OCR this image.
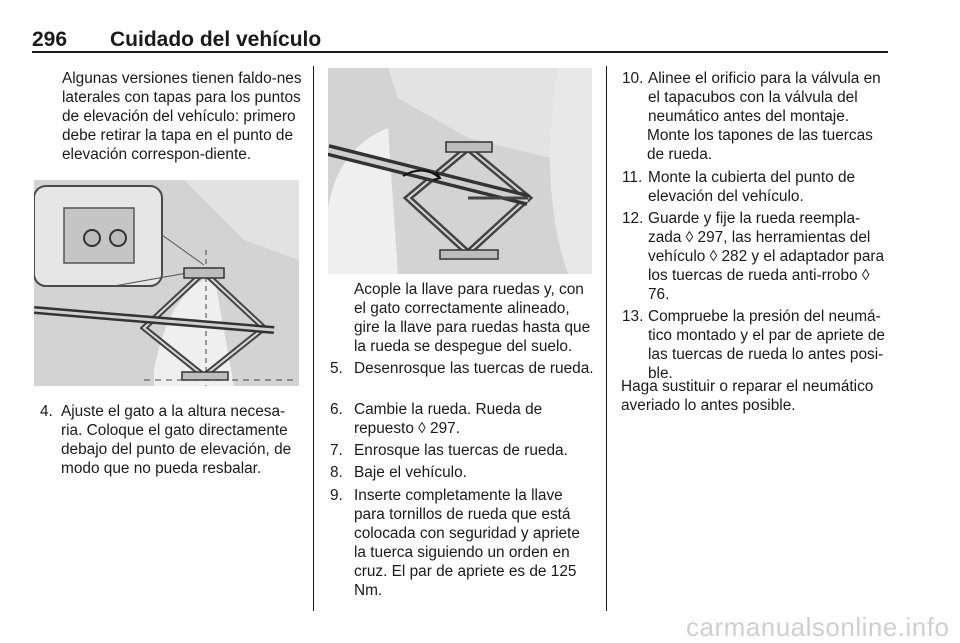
296 Cuidado del vehículo

Algunas versiones tienen faldo-nes laterales con tapas para los puntos de elevación del vehículo: primero debe retirar la tapa en el punto de elevación correspon-diente.

4. Ajuste el gato a la altura necesa-ria. Coloque el gato directamente debajo del punto de elevación, de modo que no pueda resbalar.

Acople la llave para ruedas y, con el gato correctamente alineado, gire la llave para ruedas hasta que la rueda se despegue del suelo.

5. Desenrosque las tuercas de rueda.
6. Cambie la rueda. Rueda de repuesto ◊ 297.
7. Enrosque las tuercas de rueda.
8. Baje el vehículo.
9. Inserte completamente la llave para tornillos de rueda que está colocada con seguridad y apriete la tuerca siguiendo un orden en cruz. El par de apriete es de 125 Nm.
10. Alinee el orificio para la válvula en el tapacubos con la válvula del neumático antes del montaje.

Monte los tapones de las tuercas de rueda.

11. Monte la cubierta del punto de elevación del vehículo.
12. Guarde y fije la rueda reempla-zada ◊ 297, las herramientas del vehículo ◊ 282 y el adaptador para los tuercas de rueda anti-rrobo ◊ 76.
13. Compruebe la presión del neumá-tico montado y el par de apriete de las tuercas de rueda lo antes posi-ble.

Haga sustituir o reparar el neumático averiado lo antes posible.

carmanualsonline.info
